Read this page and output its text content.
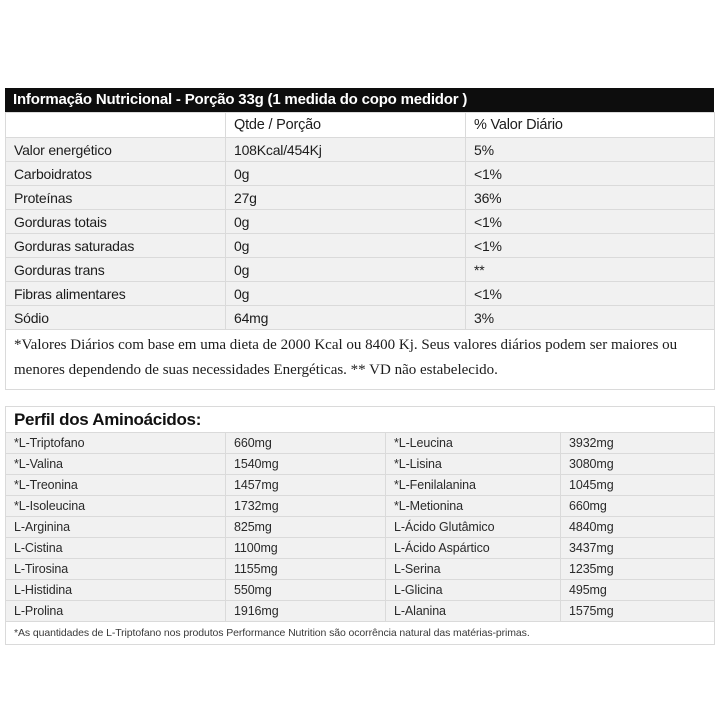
Informação Nutricional - Porção 33g (1 medida do copo medidor )
	Qtde / Porção	% Valor Diário
Valor energético	108Kcal/454Kj	5%
Carboidratos	0g	<1%
Proteínas	27g	36%
Gorduras totais	0g	<1%
Gorduras saturadas	0g	<1%
Gorduras trans	0g	**
Fibras alimentares	0g	<1%
Sódio	64mg	3%
*Valores Diários com base em uma dieta de 2000 Kcal ou 8400 Kj. Seus valores diários podem ser maiores ou menores dependendo de suas necessidades Energéticas. ** VD não estabelecido.		
Perfil dos Aminoácidos:			
*L-Triptofano	660mg	*L-Leucina	3932mg
*L-Valina	1540mg	*L-Lisina	3080mg
*L-Treonina	1457mg	*L-Fenilalanina	1045mg
*L-Isoleucina	1732mg	*L-Metionina	660mg
L-Arginina	825mg	L-Ácido Glutâmico	4840mg
L-Cistina	1100mg	L-Ácido Aspártico	3437mg
L-Tirosina	1155mg	L-Serina	1235mg
L-Histidina	550mg	L-Glicina	495mg
L-Prolina	1916mg	L-Alanina	1575mg
*As quantidades de L-Triptofano nos produtos Performance Nutrition são ocorrência natural das matérias-primas.			
